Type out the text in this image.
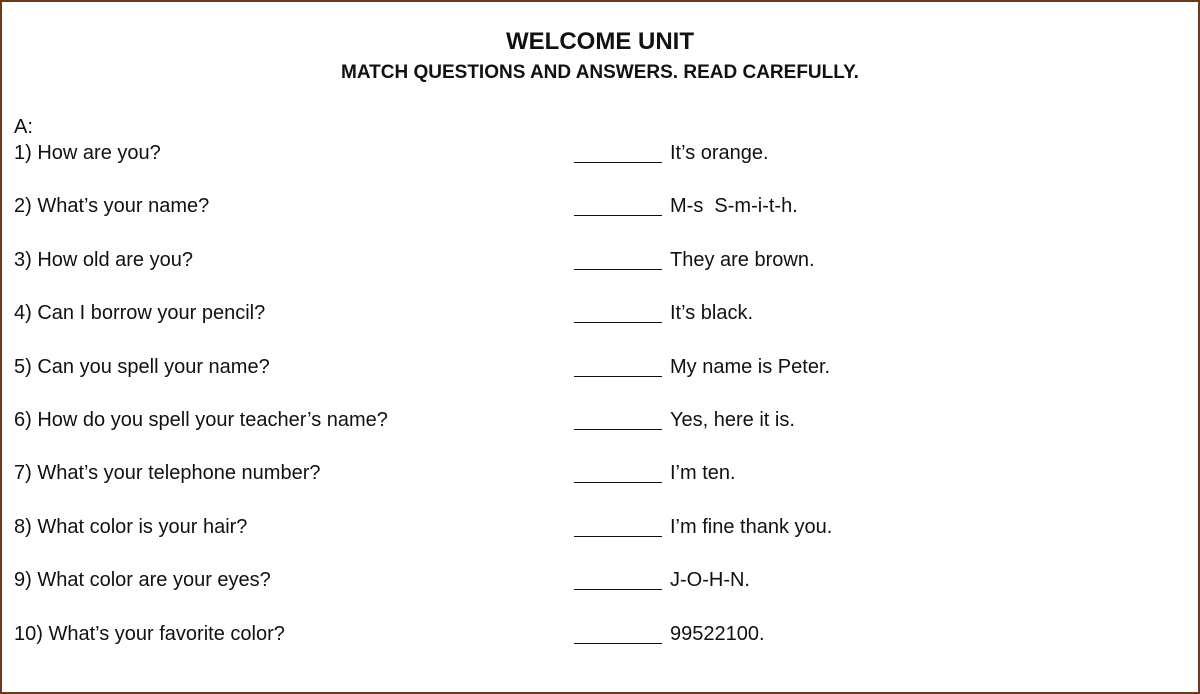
WELCOME UNIT
MATCH QUESTIONS AND ANSWERS. READ CAREFULLY.
A:
1) How are you?	It’s orange.
2) What’s your name?	M-s  S-m-i-t-h.
3) How old are you?	They are brown.
4) Can I borrow your pencil?	It’s black.
5) Can you spell your name?	My name is Peter.
6) How do you spell your teacher’s name?	Yes, here it is.
7) What’s your telephone number?	I’m ten.
8) What color is your hair?	I’m fine thank you.
9) What color are your eyes?	J-O-H-N.
10) What’s your favorite color?	99522100.
